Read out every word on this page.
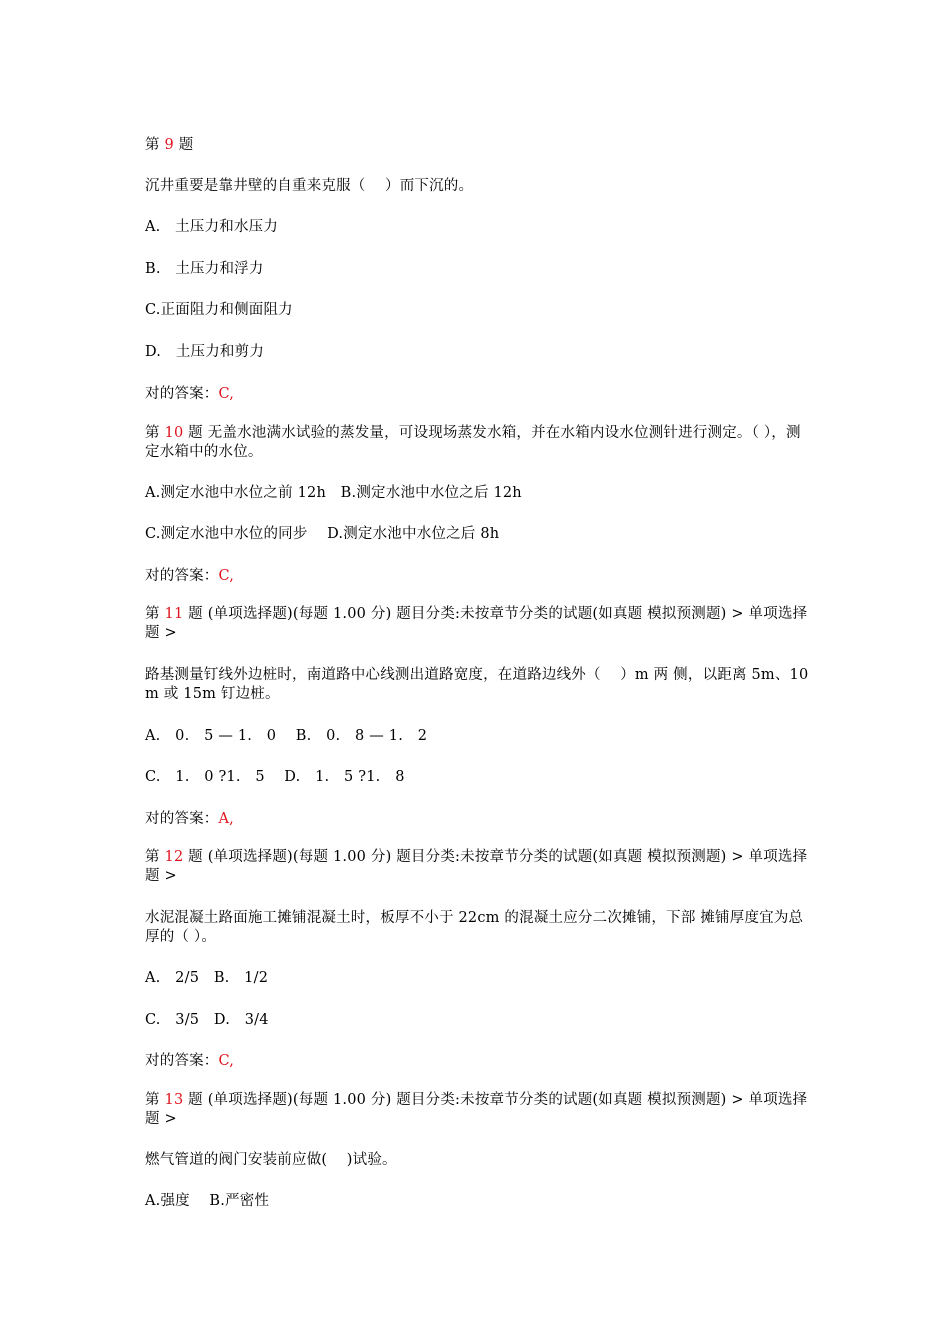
第 9 题
沉井重要是靠井壁的自重来克服（　 ）而下沉的。
A.　土压力和水压力
B.　土压力和浮力
C.正面阻力和侧面阻力
D.　土压力和剪力
对的答案：C,
第 10 题 无盖水池满水试验的蒸发量，可设现场蒸发水箱，并在水箱内设水位测针进行测定。（ ），测定水箱中的水位。
A.测定水池中水位之前 12h　B.测定水池中水位之后 12h
C.测定水池中水位的同步　 D.测定水池中水位之后 8h
对的答案：C,
第 11 题 (单项选择题)(每题 1.00 分) 题目分类:未按章节分类的试题(如真题 模拟预测题) > 单项选择题 >
路基测量钉线外边桩时，南道路中心线测出道路宽度，在道路边线外（　 ）m 两 侧，以距离 5m、10m 或 15m 钉边桩。
A.　0.　5 — 1.　0　 B.　0.　8 — 1.　2
C.　1.　0 ?1.　5　 D.　1.　5 ?1.　8
对的答案：A,
第 12 题 (单项选择题)(每题 1.00 分) 题目分类:未按章节分类的试题(如真题 模拟预测题) > 单项选择题 >
水泥混凝土路面施工摊铺混凝土时，板厚不小于 22cm 的混凝土应分二次摊铺，下部 摊铺厚度宜为总厚的（ ）。
A.　2/5　B.　1/2
C.　3/5　D.　3/4
对的答案：C,
第 13 题 (单项选择题)(每题 1.00 分) 题目分类:未按章节分类的试题(如真题 模拟预测题) > 单项选择题 >
燃气管道的阀门安装前应做(　 )试验。
A.强度　 B.严密性
